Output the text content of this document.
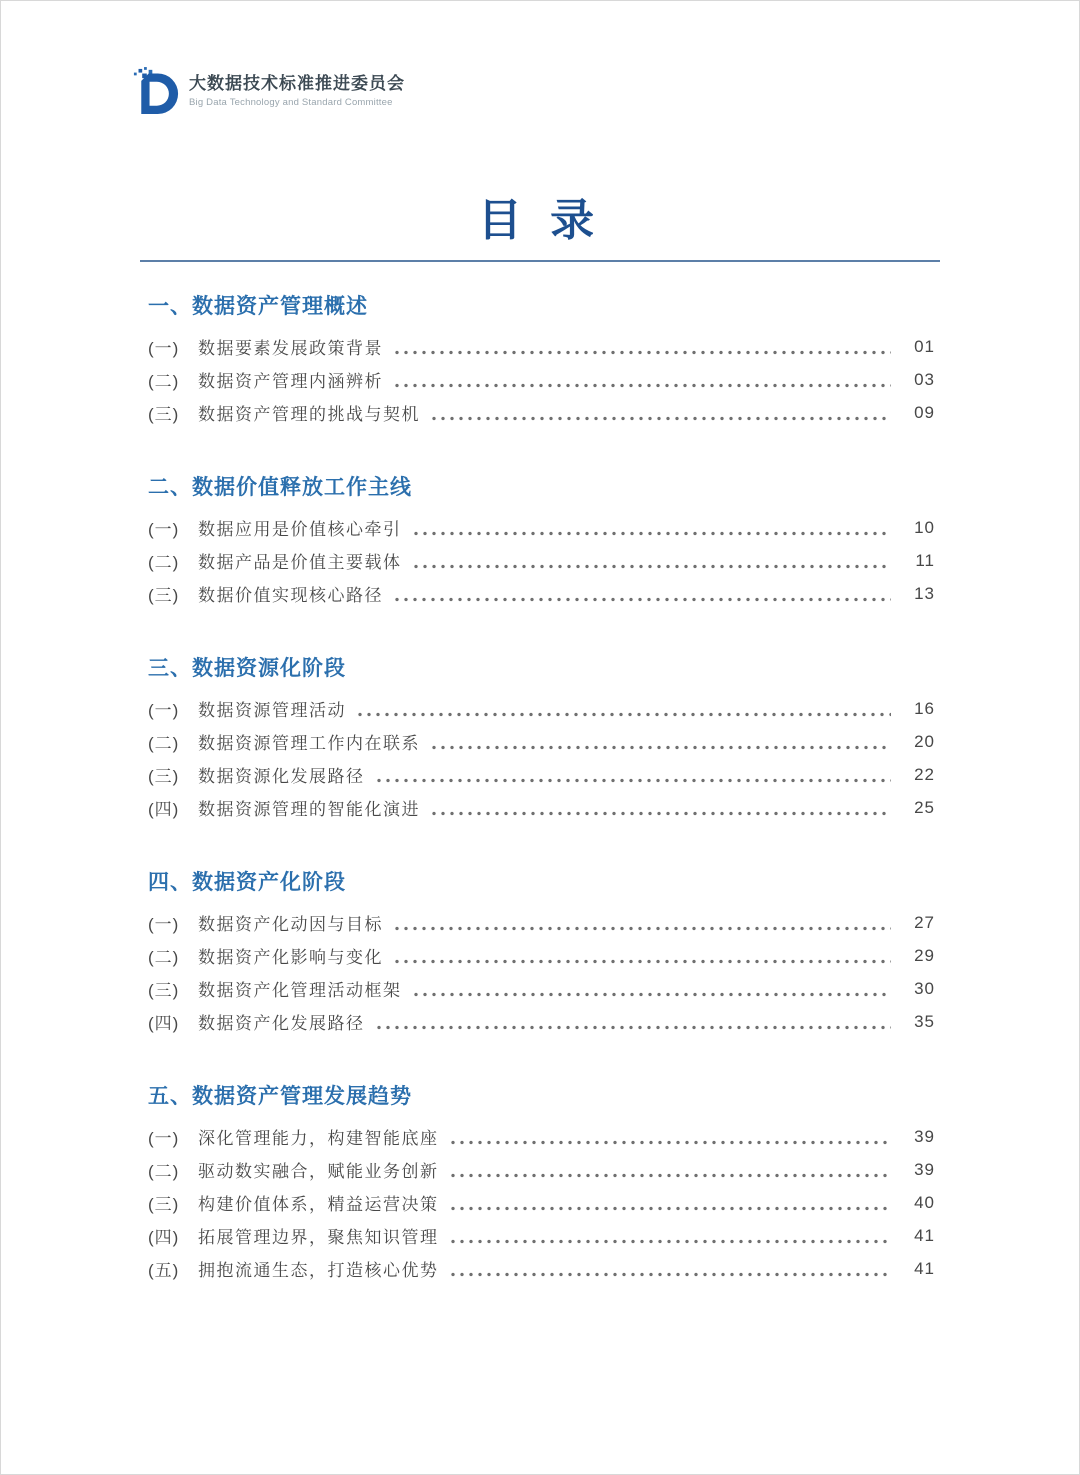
大数据技术标准推进委员会
Big Data Technology and Standard Committee
目 录
一、数据资产管理概述
(一)	数据要素发展政策背景	01
(二)	数据资产管理内涵辨析	03
(三)	数据资产管理的挑战与契机	09
二、数据价值释放工作主线
(一)	数据应用是价值核心牵引	10
(二)	数据产品是价值主要载体	11
(三)	数据价值实现核心路径	13
三、数据资源化阶段
(一)	数据资源管理活动	16
(二)	数据资源管理工作内在联系	20
(三)	数据资源化发展路径	22
(四)	数据资源管理的智能化演进	25
四、数据资产化阶段
(一)	数据资产化动因与目标	27
(二)	数据资产化影响与变化	29
(三)	数据资产化管理活动框架	30
(四)	数据资产化发展路径	35
五、数据资产管理发展趋势
(一)	深化管理能力，构建智能底座	39
(二)	驱动数实融合，赋能业务创新	39
(三)	构建价值体系，精益运营决策	40
(四)	拓展管理边界，聚焦知识管理	41
(五)	拥抱流通生态，打造核心优势	41
